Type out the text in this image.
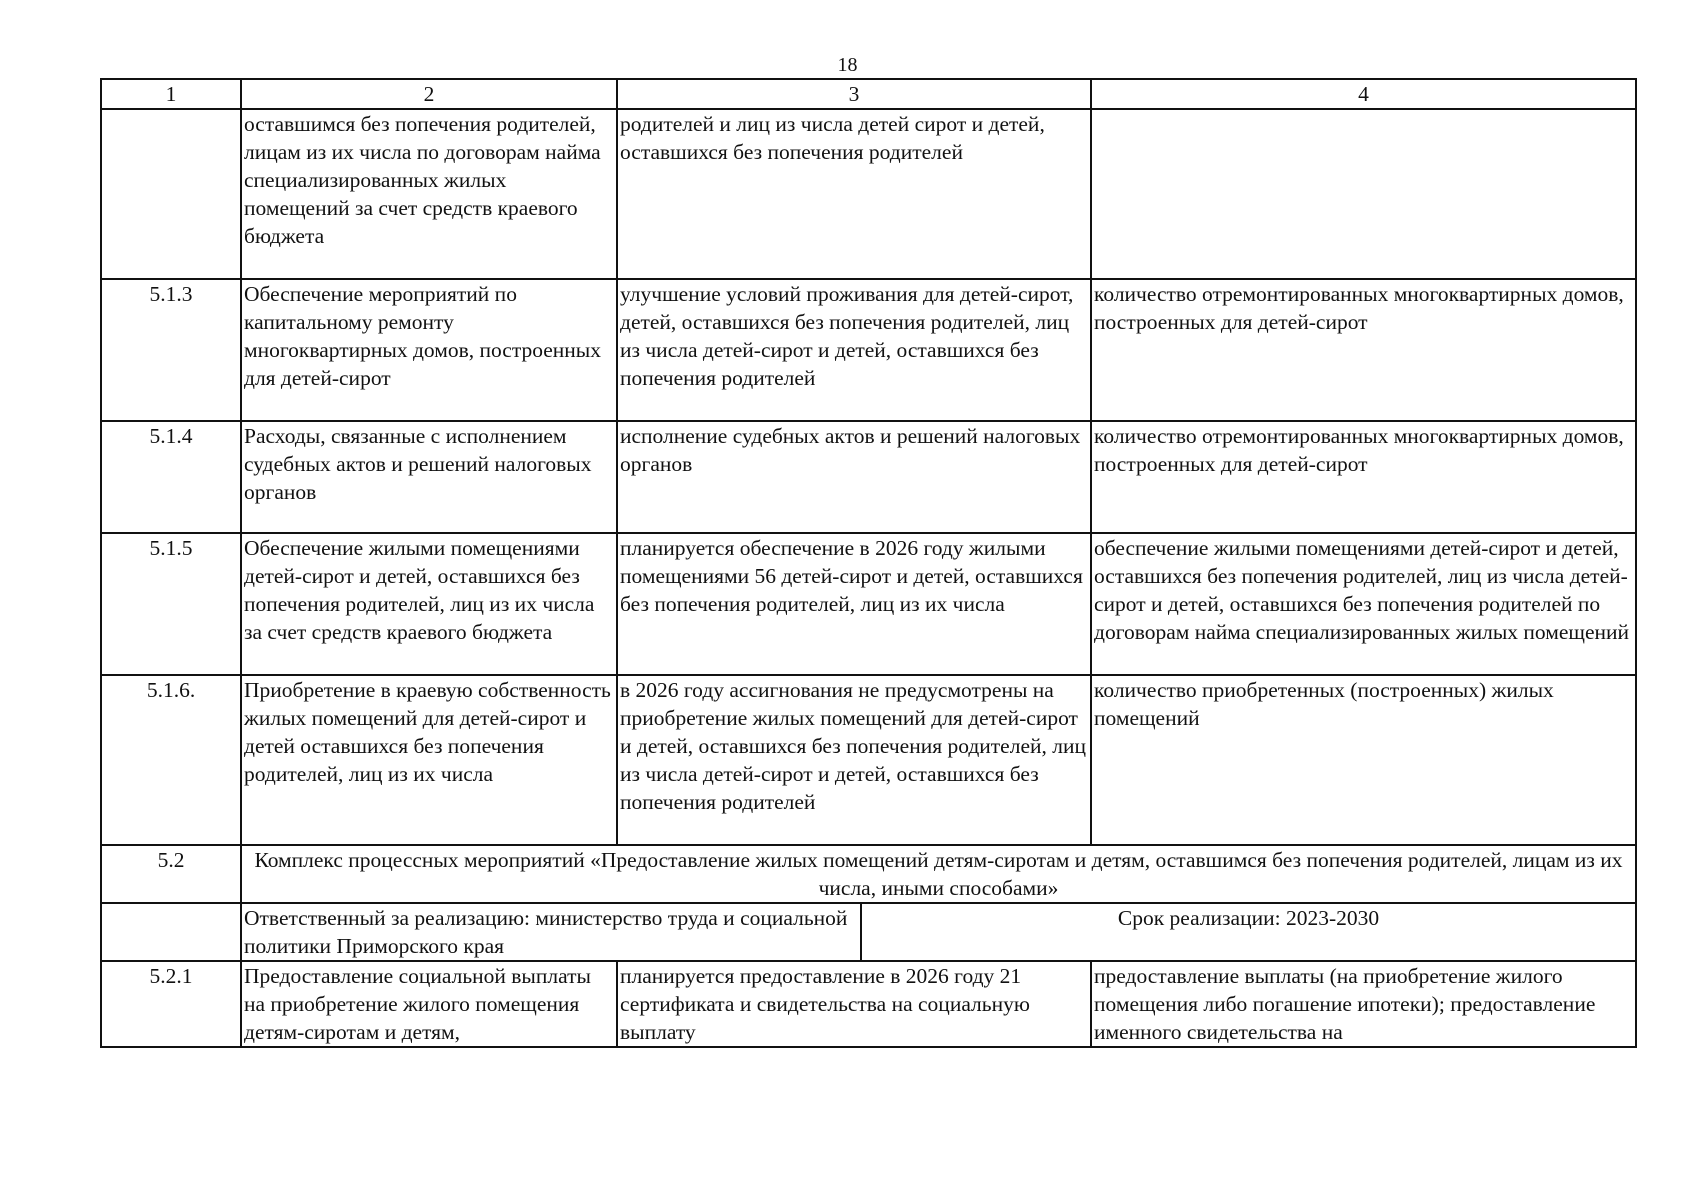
18
1	2	3		4
	оставшимся без попечения родителей, лицам из их числа по договорам найма специализированных жилых помещений за счет средств краевого бюджета	родителей и лиц из числа детей сирот и детей, оставшихся без попечения родителей		
5.1.3	Обеспечение мероприятий по капитальному ремонту многоквартирных домов, построенных для детей-сирот	улучшение условий проживания для детей-сирот, детей, оставшихся без попечения родителей, лиц из числа детей-сирот и детей, оставшихся без попечения родителей		количество отремонтированных многоквартирных домов, построенных для детей-сирот
5.1.4	Расходы, связанные с исполнением судебных актов и решений налоговых органов	исполнение судебных актов и решений налоговых органов		количество отремонтированных многоквартирных домов, построенных для детей-сирот
5.1.5	Обеспечение жилыми помещениями детей-сирот и детей, оставшихся без попечения родителей, лиц из их числа за счет средств краевого бюджета	планируется обеспечение в 2026 году жилыми помещениями 56 детей-сирот и детей, оставшихся без попечения родителей, лиц из их числа		обеспечение жилыми помещениями детей-сирот и детей, оставшихся без попечения родителей, лиц из числа детей-сирот и детей, оставшихся без попечения родителей по договорам найма специализированных жилых помещений
5.1.6.	Приобретение в краевую собственность жилых помещений для детей-сирот и детей оставшихся без попечения родителей, лиц из их числа	в 2026 году ассигнования не предусмотрены на приобретение жилых помещений для детей-сирот и детей, оставшихся без попечения родителей, лиц из числа детей-сирот и детей, оставшихся без попечения родителей		количество приобретенных (построенных) жилых помещений
5.2	Комплекс процессных мероприятий «Предоставление жилых помещений детям-сиротам и детям, оставшимся без попечения родителей, лицам из их числа, иными способами»			
	Ответственный за реализацию: министерство труда и социальной политики Приморского края		Срок реализации: 2023-2030	
5.2.1	Предоставление социальной выплаты на приобретение жилого помещения детям-сиротам и детям,	планируется предоставление в 2026 году 21 сертификата и свидетельства на социальную выплату		предоставление выплаты (на приобретение жилого помещения либо погашение ипотеки); предоставление именного свидетельства на
